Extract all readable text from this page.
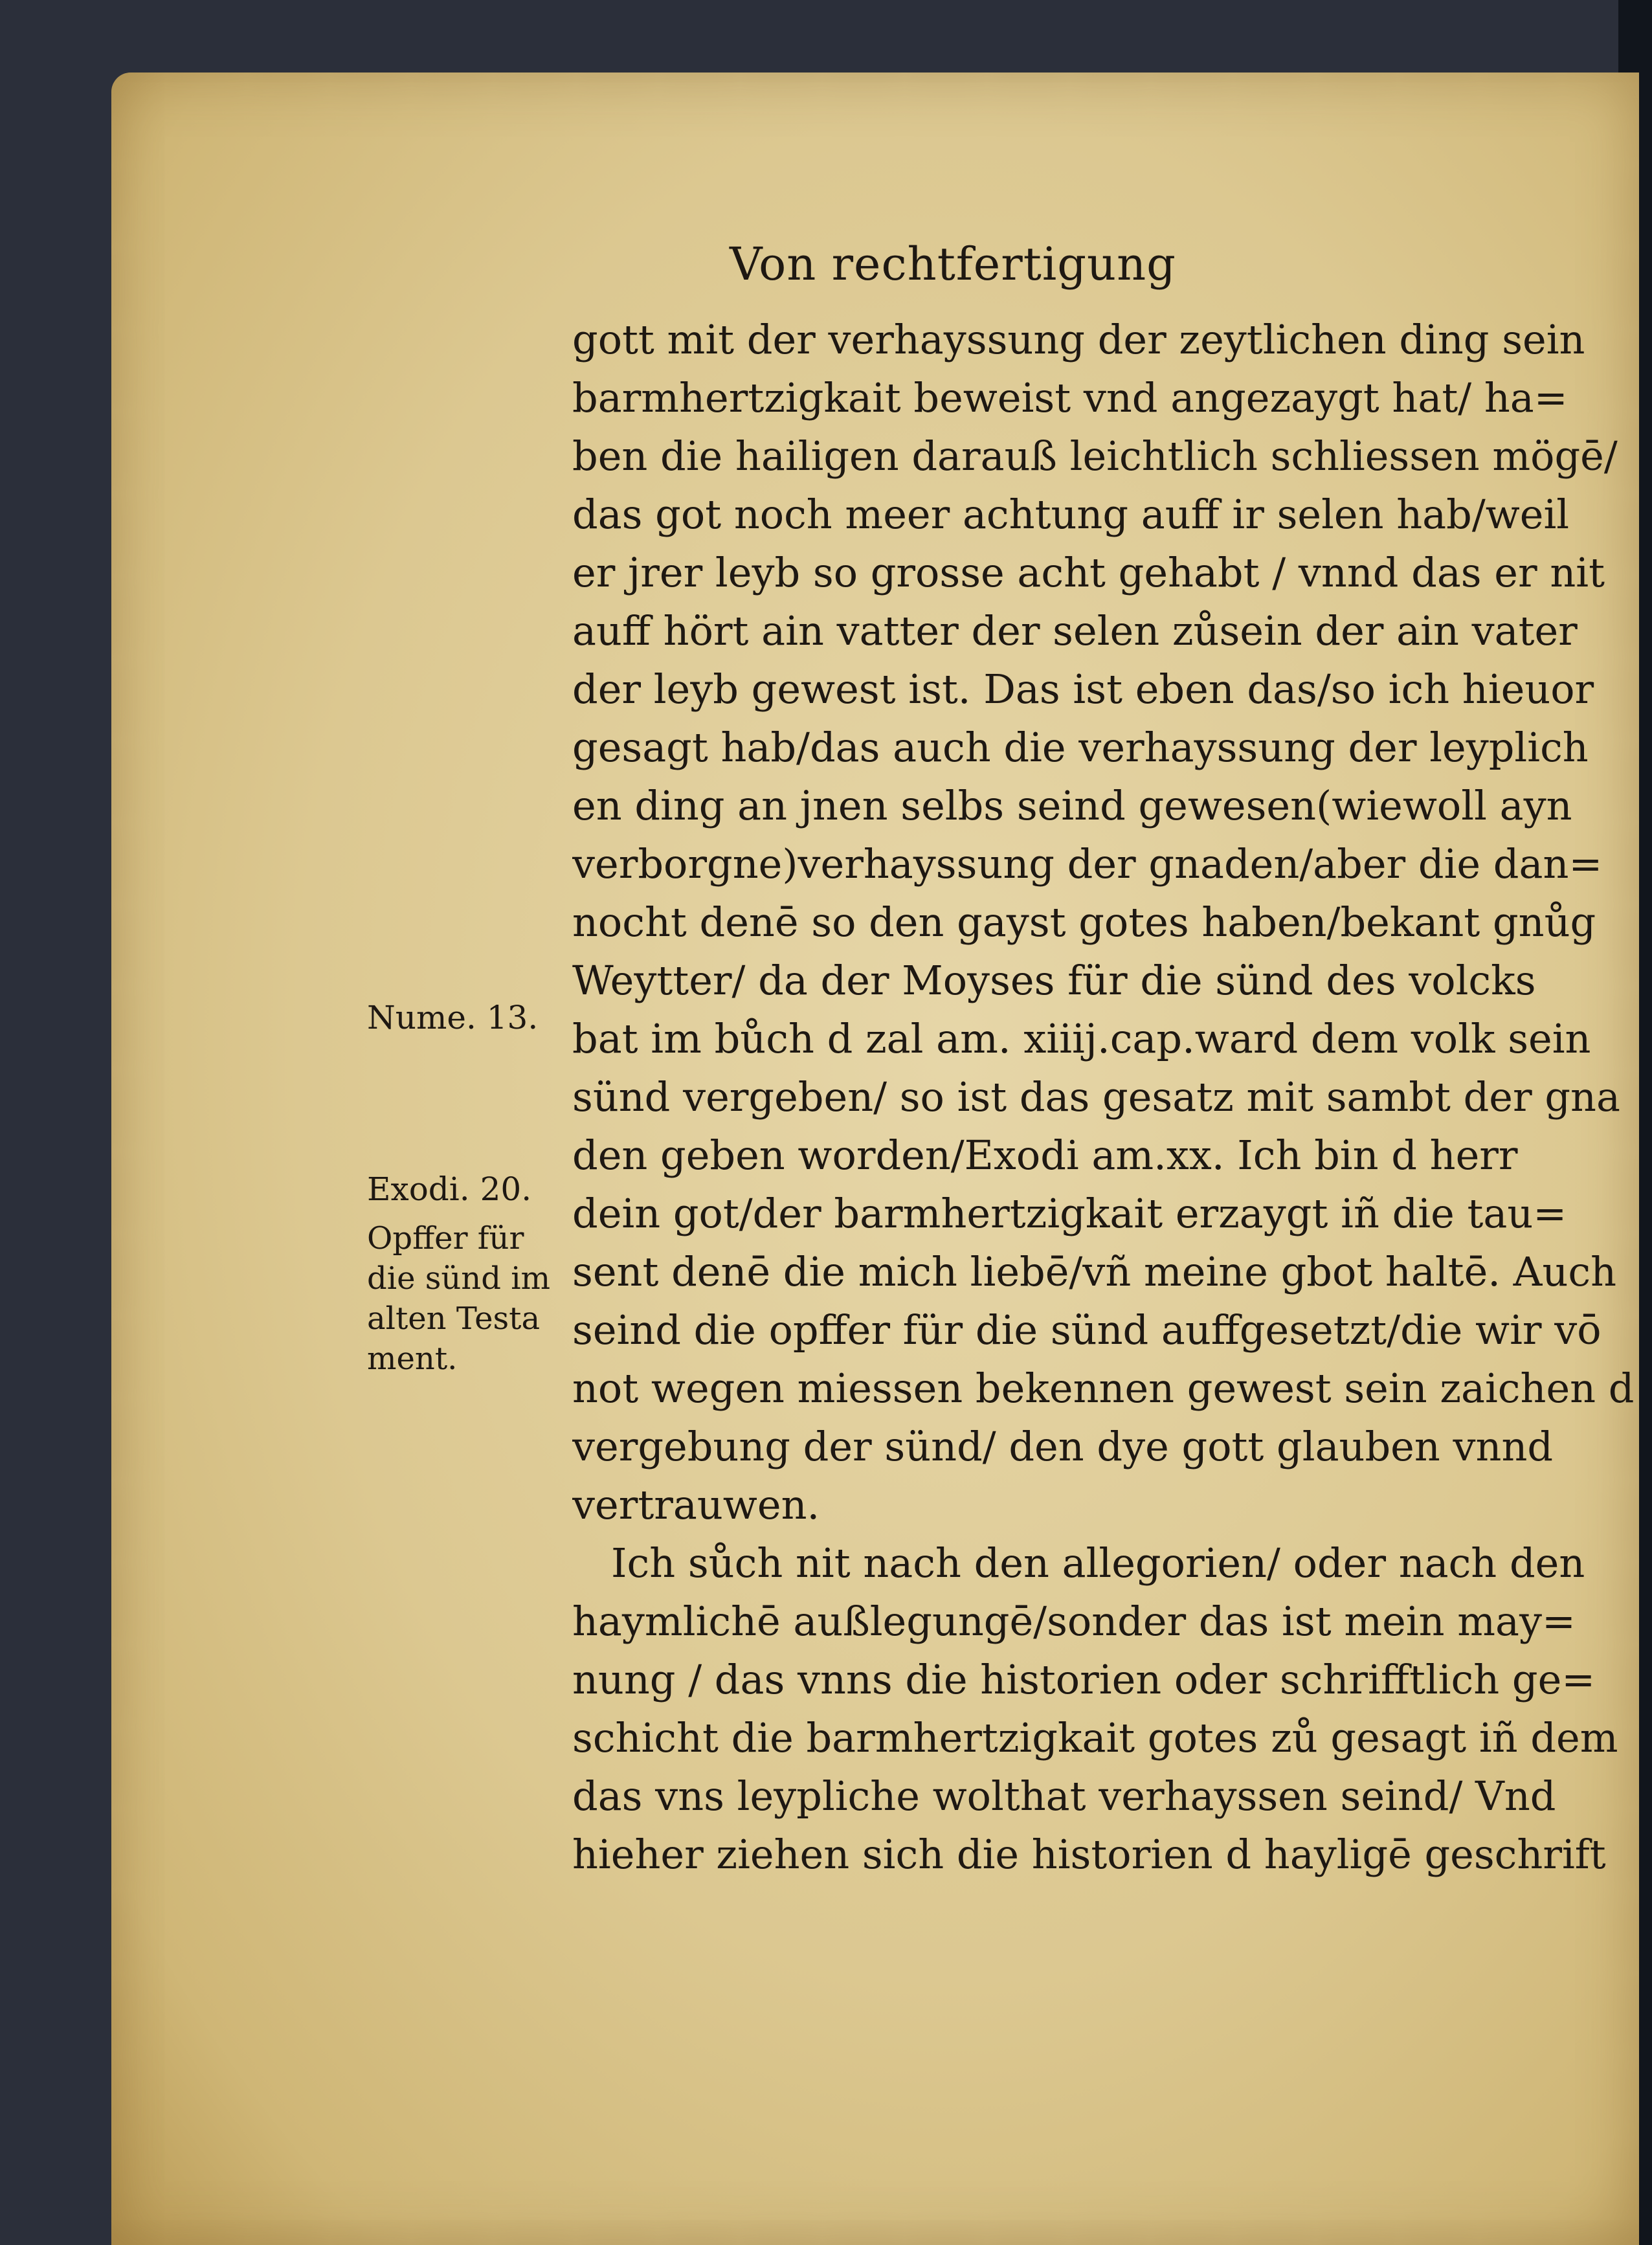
Von rechtfertigung
Nume. 13.
Exodi. 20.
Opffer für die sünd im alten Testa ment.
gott mit der verhayssung der zeytlichen ding sein
barmhertzigkait beweist vnd angezaygt hat/ ha=
ben die hailigen darauß leichtlich schliessen mögē/
das got noch meer achtung auff ir selen hab/weil
er jrer leyb so grosse acht gehabt / vnnd das er nit
auff hört ain vatter der selen zůsein der ain vater
der leyb gewest ist. Das ist eben das/so ich hieuor
gesagt hab/das auch die verhayssung der leyplich
en ding an jnen selbs seind gewesen(wiewoll ayn
verborgne)verhayssung der gnaden/aber die dan=
nocht denē so den gayst gotes haben/bekant gnůg
Weytter/ da der Moyses für die sünd des volcks
bat im bůch d zal am. xiiij.cap.ward dem volk sein
sünd vergeben/ so ist das gesatz mit sambt der gna
den geben worden/Exodi am.xx. Ich bin d herr
dein got/der barmhertzigkait erzaygt iñ die tau=
sent denē die mich liebē/vñ meine gbot haltē. Auch
seind die opffer für die sünd auffgesetzt/die wir vō
not wegen miessen bekennen gewest sein zaichen d
vergebung der sünd/ den dye gott glauben vnnd
vertrauwen.
Ich sůch nit nach den allegorien/ oder nach den
haymlichē außlegungē/sonder das ist mein may=
nung / das vnns die historien oder schrifftlich ge=
schicht die barmhertzigkait gotes zů gesagt iñ dem
das vns leypliche wolthat verhayssen seind/ Vnd
hieher ziehen sich die historien d hayligē geschrift
